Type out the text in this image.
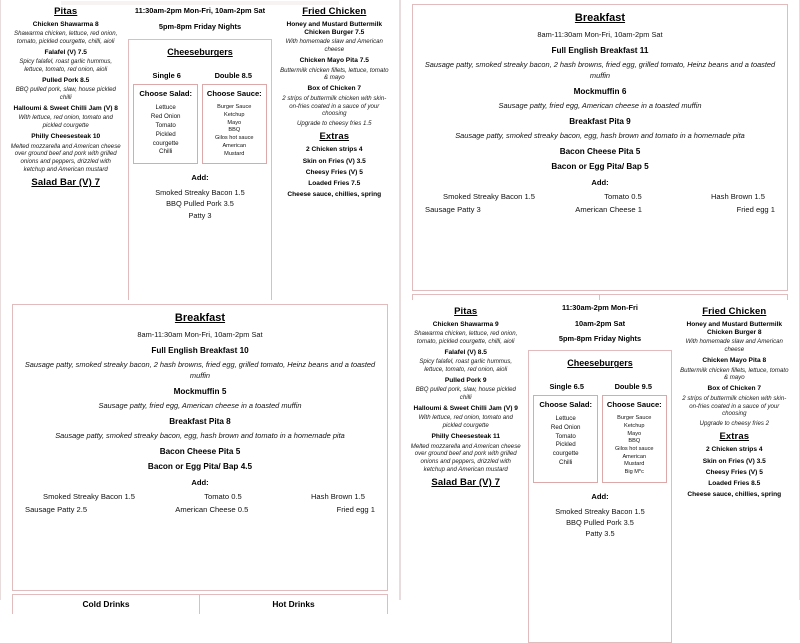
Pitas
Chicken Shawarma 8
Shawarma chicken, lettuce, red onion, tomato, pickled courgette, chilli, aioli
Falafel (V) 7.5
Spicy falafel, roast garlic hummus, lettuce, tomato, red onion, aioli
Pulled Pork 8.5
BBQ pulled pork, slaw, house pickled chilli
Halloumi & Sweet Chilli Jam (V) 8
With lettuce, red onion, tomato and pickled courgette
Philly Cheesesteak 10
Melted mozzarella and American cheese over ground beef and pork with grilled onions and peppers, drizzled with ketchup and American mustard
Salad Bar (V) 7
11:30am-2pm Mon-Fri, 10am-2pm Sat
5pm-8pm Friday Nights
Cheeseburgers
Single 6	Double 8.5
Choose Salad:
Lettuce
Red Onion
Tomato
Pickled
courgette
Chilli
Choose Sauce:
Burger Sauce
Ketchup
Mayo
BBQ
Gilos hot sauce
American
Mustard
Add:
Smoked Streaky Bacon 1.5
BBQ Pulled Pork 3.5
Patty 3
Fried Chicken
Honey and Mustard Buttermilk Chicken Burger 7.5
With homemade slaw and American cheese
Chicken Mayo Pita 7.5
Buttermilk chicken fillets, lettuce, tomato & mayo
Box of Chicken 7
2 strips of buttermilk chicken with skin-on-fries coated in a sauce of your choosing
Upgrade to cheesy fries 1.5
Extras
2 Chicken strips 4
Skin on Fries (V) 3.5
Cheesy Fries (V) 5
Loaded Fries 7.5
Cheese sauce, chillies, spring
Breakfast
8am-11:30am Mon-Fri, 10am-2pm Sat
Full English Breakfast 11
Sausage patty, smoked streaky bacon, 2 hash browns, fried egg, grilled tomato, Heinz beans and a toasted muffin
Mockmuffin 6
Sausage patty, fried egg, American cheese in a toasted muffin
Breakfast Pita 9
Sausage patty, smoked streaky bacon, egg, hash brown and tomato in a homemade pita
Bacon Cheese Pita 5
Bacon or Egg Pita/ Bap 5
Add:
Smoked Streaky Bacon 1.5	Tomato 0.5	Hash Brown 1.5
Sausage Patty 3	American Cheese 1	Fried egg 1
Breakfast
8am-11:30am Mon-Fri, 10am-2pm Sat
Full English Breakfast 10
Sausage patty, smoked streaky bacon, 2 hash browns, fried egg, grilled tomato, Heinz beans and a toasted muffin
Mockmuffin 5
Sausage patty, fried egg, American cheese in a toasted muffin
Breakfast Pita 8
Sausage patty, smoked streaky bacon, egg, hash brown and tomato in a homemade pita
Bacon Cheese Pita 5
Bacon or Egg Pita/ Bap 4.5
Add:
Smoked Streaky Bacon 1.5	Tomato 0.5	Hash Brown 1.5
Sausage Patty 2.5	American Cheese 0.5	Fried egg 1
Cold Drinks	Hot Drinks
Pitas
Chicken Shawarma 9
Shawarma chicken, lettuce, red onion, tomato, pickled courgette, chilli, aioli
Falafel (V) 8.5
Spicy falafel, roast garlic hummus, lettuce, tomato, red onion, aioli
Pulled Pork 9
BBQ pulled pork, slaw, house pickled chilli
Halloumi & Sweet Chilli Jam (V) 9
With lettuce, red onion, tomato and pickled courgette
Philly Cheesesteak 11
Melted mozzarella and American cheese over ground beef and pork with grilled onions and peppers, drizzled with ketchup and American mustard
Salad Bar (V) 7
11:30am-2pm Mon-Fri
10am-2pm Sat
5pm-8pm Friday Nights
Cheeseburgers
Single 6.5	Double 9.5
Choose Salad:
Lettuce
Red Onion
Tomato
Pickled
courgette
Chilli
Choose Sauce:
Burger Sauce
Ketchup
Mayo
BBQ
Gilos hot sauce
American
Mustard
Big M*c
Add:
Smoked Streaky Bacon 1.5
BBQ Pulled Pork 3.5
Patty 3.5
Fried Chicken
Honey and Mustard Buttermilk Chicken Burger 8
With homemade slaw and American cheese
Chicken Mayo Pita 8
Buttermilk chicken fillets, lettuce, tomato & mayo
Box of Chicken 7
2 strips of buttermilk chicken with skin-on-fries coated in a sauce of your choosing
Upgrade to cheesy fries 2
Extras
2 Chicken strips 4
Skin on Fries (V) 3.5
Cheesy Fries (V) 5
Loaded Fries 8.5
Cheese sauce, chillies, spring
